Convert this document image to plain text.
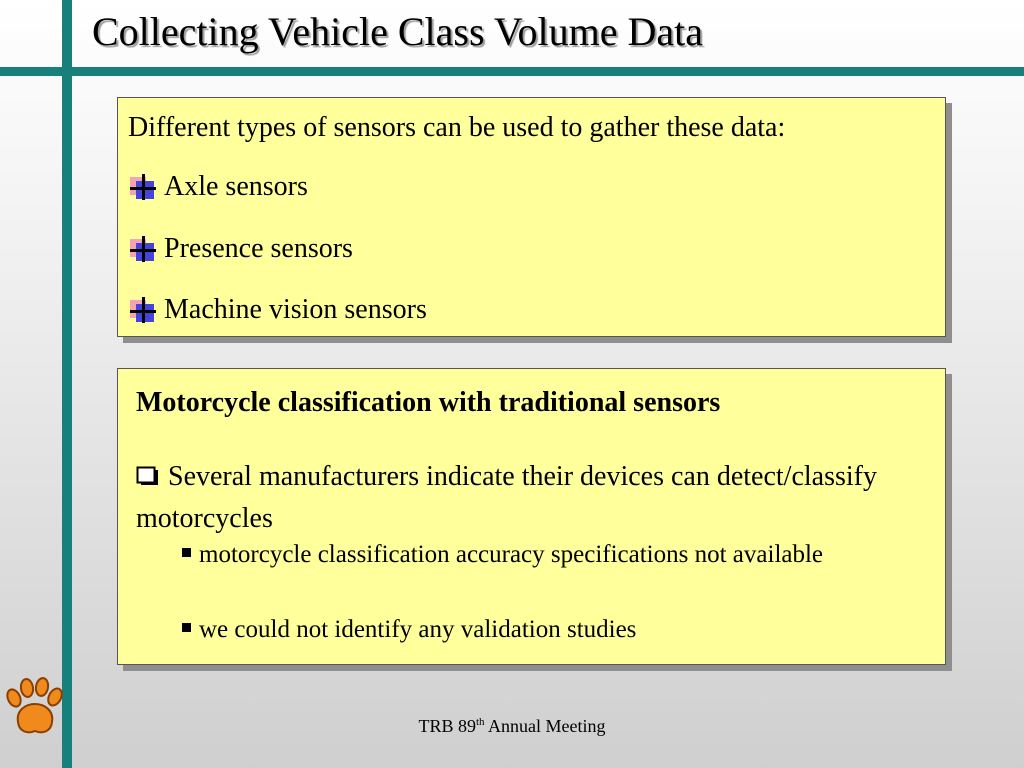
Collecting Vehicle Class Volume Data
Different types of sensors can be used to gather these data:
Axle sensors
Presence sensors
Machine vision sensors
Motorcycle classification with traditional sensors
Several manufacturers indicate their devices can detect/classify motorcycles
motorcycle classification accuracy specifications not available
we could not identify any validation studies
TRB 89th Annual Meeting
